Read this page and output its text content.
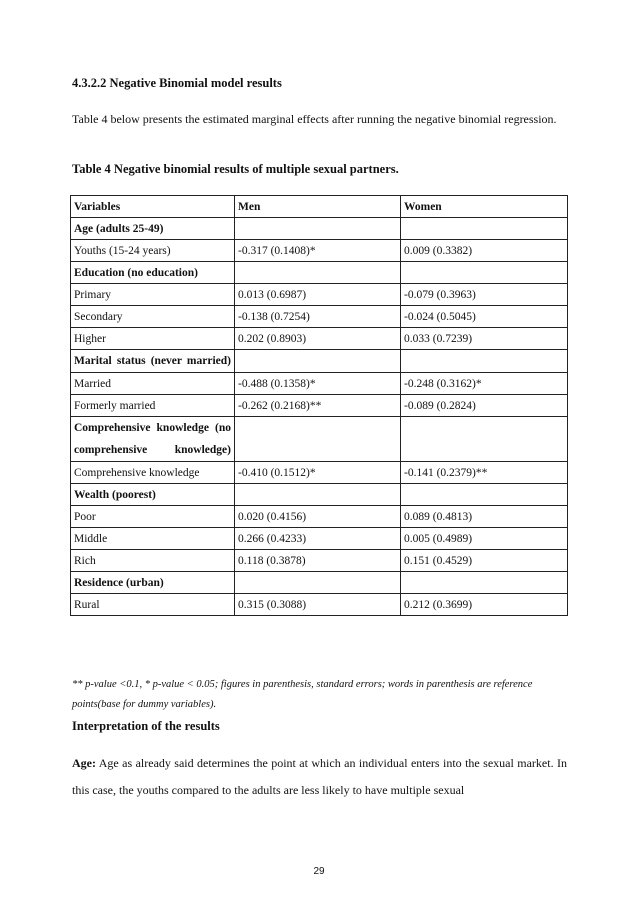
4.3.2.2 Negative Binomial model results
Table 4 below presents the estimated marginal effects after running the negative binomial regression.
Table 4 Negative binomial results of multiple sexual partners.
Variables	Men	Women
Age (adults 25-49)		
Youths (15-24 years)	-0.317 (0.1408)*	0.009 (0.3382)
Education (no education)		
Primary	0.013 (0.6987)	-0.079 (0.3963)
Secondary	-0.138 (0.7254)	-0.024 (0.5045)
Higher	0.202 (0.8903)	0.033 (0.7239)

Marital status (never married)		

Married	-0.488 (0.1358)*	-0.248 (0.3162)*
Formerly married	-0.262 (0.2168)**	-0.089 (0.2824)

Comprehensive knowledge (no comprehensive knowledge)		

Comprehensive knowledge	-0.410 (0.1512)*	-0.141 (0.2379)**
Wealth (poorest)		
Poor	0.020 (0.4156)	0.089 (0.4813)
Middle	0.266 (0.4233)	0.005 (0.4989)
Rich	0.118 (0.3878)	0.151 (0.4529)
Residence (urban)		
Rural	0.315 (0.3088)	0.212 (0.3699)
** p-value <0.1, * p-value < 0.05; figures in parenthesis, standard errors; words in parenthesis are reference points(base for dummy variables).
Interpretation of the results
Age: Age as already said determines the point at which an individual enters into the sexual market. In this case, the youths compared to the adults are less likely to have multiple sexual
29
